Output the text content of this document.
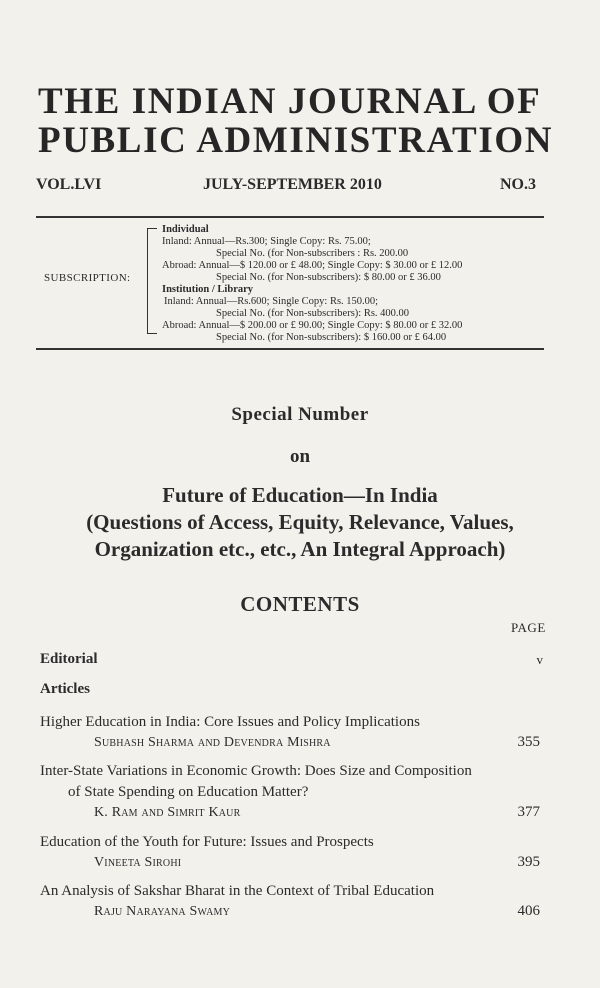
THE INDIAN JOURNAL OF
PUBLIC ADMINISTRATION
VOL.LVI	JULY-SEPTEMBER 2010	NO.3
SUBSCRIPTION:
Individual
Inland: Annual—Rs.300; Single Copy: Rs. 75.00;
Special No. (for Non-subscribers : Rs. 200.00
Abroad: Annual—$ 120.00 or £ 48.00; Single Copy: $ 30.00 or £ 12.00
Special No. (for Non-subscribers): $ 80.00 or £ 36.00
Institution / Library
Inland: Annual—Rs.600; Single Copy: Rs. 150.00;
Special No. (for Non-subscribers): Rs. 400.00
Abroad: Annual—$ 200.00 or £ 90.00; Single Copy: $ 80.00 or £ 32.00
Special No. (for Non-subscribers): $ 160.00 or £ 64.00
Special Number
on
Future of Education—In India
(Questions of Access, Equity, Relevance, Values,
Organization etc., etc., An Integral Approach)
CONTENTS
PAGE
Editorial	v
Articles
Higher Education in India: Core Issues and Policy Implications
Subhash Sharma and Devendra Mishra	355
Inter-State Variations in Economic Growth: Does Size and Composition
of State Spending on Education Matter?
K. Ram and Simrit Kaur	377
Education of the Youth for Future: Issues and Prospects
Vineeta Sirohi	395
An Analysis of Sakshar Bharat in the Context of Tribal Education
Raju Narayana Swamy	406
